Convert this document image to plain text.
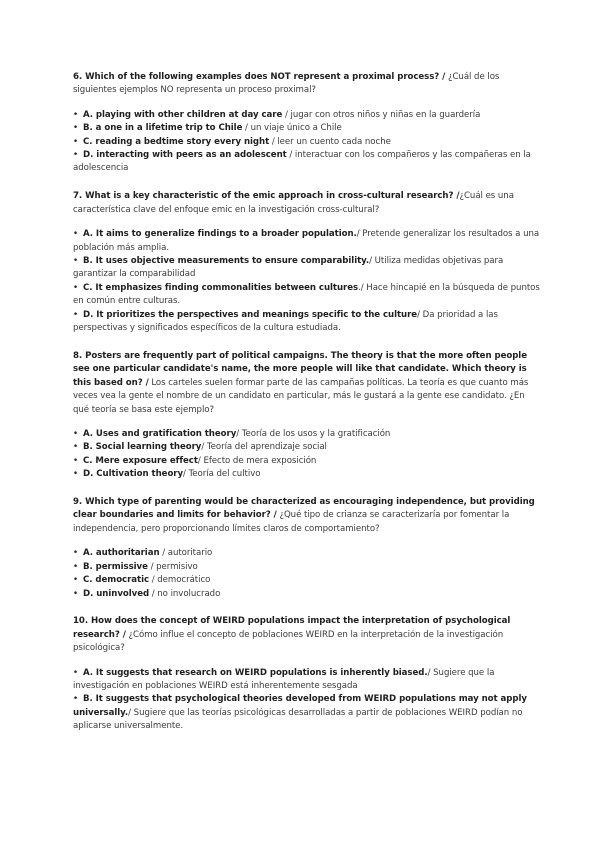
6. Which of the following examples does NOT represent a proximal process? / ¿Cuál de los siguientes ejemplos NO representa un proceso proximal?

• A. playing with other children at day care / jugar con otros niños y niñas en la guardería

• B. a one in a lifetime trip to Chile / un viaje único a Chile

• C. reading a bedtime story every night / leer un cuento cada noche

• D. interacting with peers as an adolescent / interactuar con los compañeros y las compañeras en la adolescencia

7. What is a key characteristic of the emic approach in cross-cultural research? /¿Cuál es una característica clave del enfoque emic en la investigación cross-cultural?

• A. It aims to generalize findings to a broader population./ Pretende generalizar los resultados a una población más amplia.

• B. It uses objective measurements to ensure comparability./ Utiliza medidas objetivas para garantizar la comparabilidad

• C. It emphasizes finding commonalities between cultures./ Hace hincapié en la búsqueda de puntos en común entre culturas.

• D. It prioritizes the perspectives and meanings specific to the culture/ Da prioridad a las perspectivas y significados específicos de la cultura estudiada.

8. Posters are frequently part of political campaigns. The theory is that the more often people see one particular candidate's name, the more people will like that candidate. Which theory is this based on? / Los carteles suelen formar parte de las campañas políticas. La teoría es que cuanto más veces vea la gente el nombre de un candidato en particular, más le gustará a la gente ese candidato. ¿En qué teoría se basa este ejemplo?

• A. Uses and gratification theory/ Teoría de los usos y la gratificación

• B. Social learning theory/ Teoría del aprendizaje social

• C. Mere exposure effect/ Efecto de mera exposición

• D. Cultivation theory/ Teoría del cultivo

9. Which type of parenting would be characterized as encouraging independence, but providing clear boundaries and limits for behavior? / ¿Qué tipo de crianza se caracterizaría por fomentar la independencia, pero proporcionando límites claros de comportamiento?

• A. authoritarian / autoritario

• B. permissive / permisivo

• C. democratic / democrático

• D. uninvolved / no involucrado

10. How does the concept of WEIRD populations impact the interpretation of psychological research? / ¿Cómo influe el concepto de poblaciones WEIRD en la interpretación de la investigación psicológica?

• A. It suggests that research on WEIRD populations is inherently biased./ Sugiere que la investigación en poblaciones WEIRD está inherentemente sesgada

• B. It suggests that psychological theories developed from WEIRD populations may not apply universally./ Sugiere que las teorías psicológicas desarrolladas a partir de poblaciones WEIRD podían no aplicarse universalmente.
